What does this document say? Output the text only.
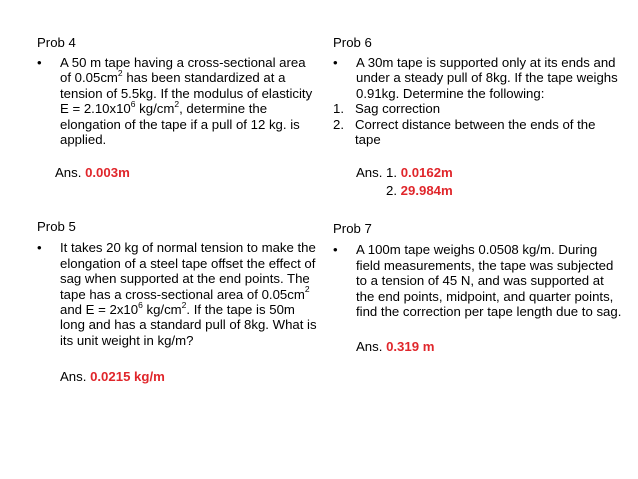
Prob 4

• A 50 m tape having a cross-sectional area of $0.05cm^2$ has been standardized at a tension of 5.5kg. If the modulus of elasticity $E = 2.10x10^6$ $kg/cm^2$, determine the elongation of the tape if a pull of 12 kg. is applied.

Ans. 0.003m

Prob 5

• It takes 20 kg of normal tension to make the elongation of a steel tape offset the effect of sag when supported at the end points. The tape has a cross-sectional area of $0.05cm^2$ and $E = 2x10^6$ $kg/cm^2$. If the tape is 50m long and has a standard pull of 8kg. What is its unit weight in kg/m?

Ans. 0.0215 kg/m

Prob 6

• A 30m tape is supported only at its ends and under a steady pull of 8kg. If the tape weighs 0.91kg. Determine the following:

1. Sag correction

2. Correct distance between the ends of the tape

Ans. 1. 0.0162m

2. 29.984m

Prob 7

• A 100m tape weighs 0.0508 kg/m. During field measurements, the tape was subjected to a tension of 45 N, and was supported at the end points, midpoint, and quarter points, find the correction per tape length due to sag.

Ans. 0.319 m
